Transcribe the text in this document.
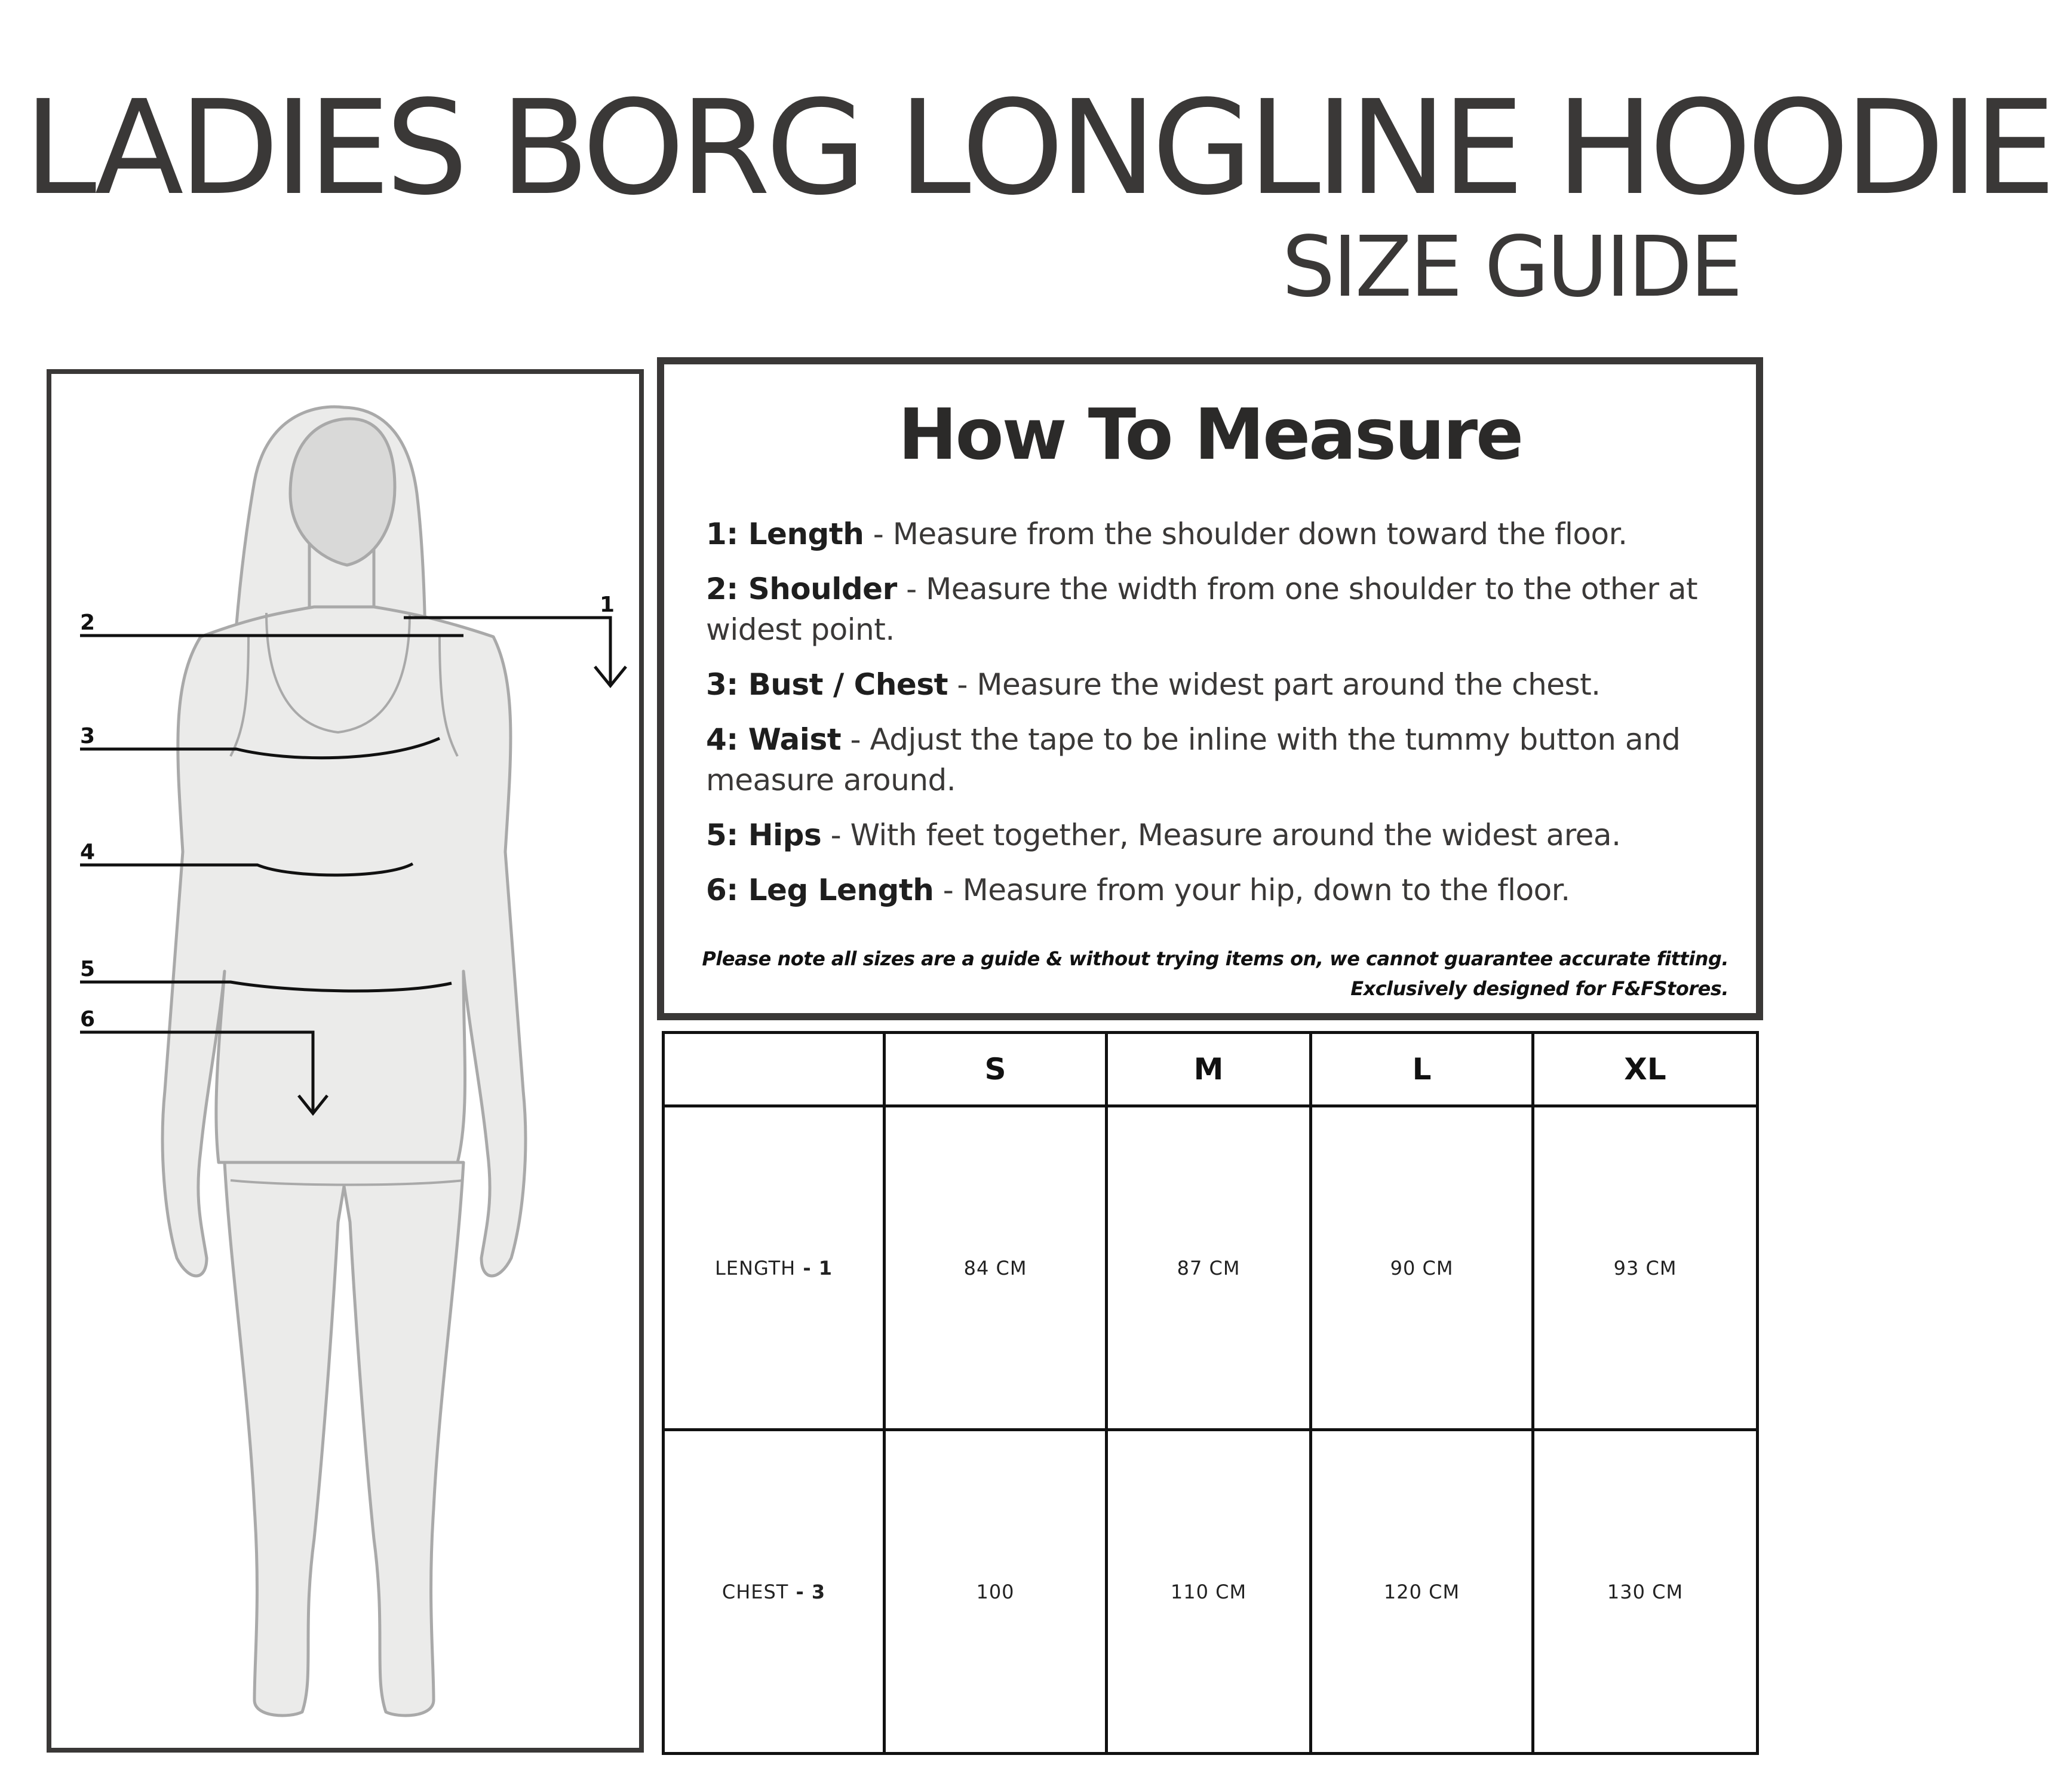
LADIES BORG LONGLINE HOODIE
SIZE GUIDE
1
2
3
4
5
6
How To Measure
1: Length - Measure from the shoulder down toward the floor.
2: Shoulder - Measure the width from one shoulder to the other at widest point.
3: Bust / Chest - Measure the widest part around the chest.
4: Waist - Adjust the tape to be inline with the tummy button and measure around.
5: Hips - With feet together, Measure around the widest area.
6: Leg Length - Measure from your hip, down to the floor.
Please note all sizes are a guide & without trying items on, we cannot guarantee accurate fitting.
Exclusively designed for F&FStores.
	S	M	L	XL
LENGTH - 1	84 CM	87 CM	90 CM	93 CM
CHEST - 3	100	110 CM	120 CM	130 CM
